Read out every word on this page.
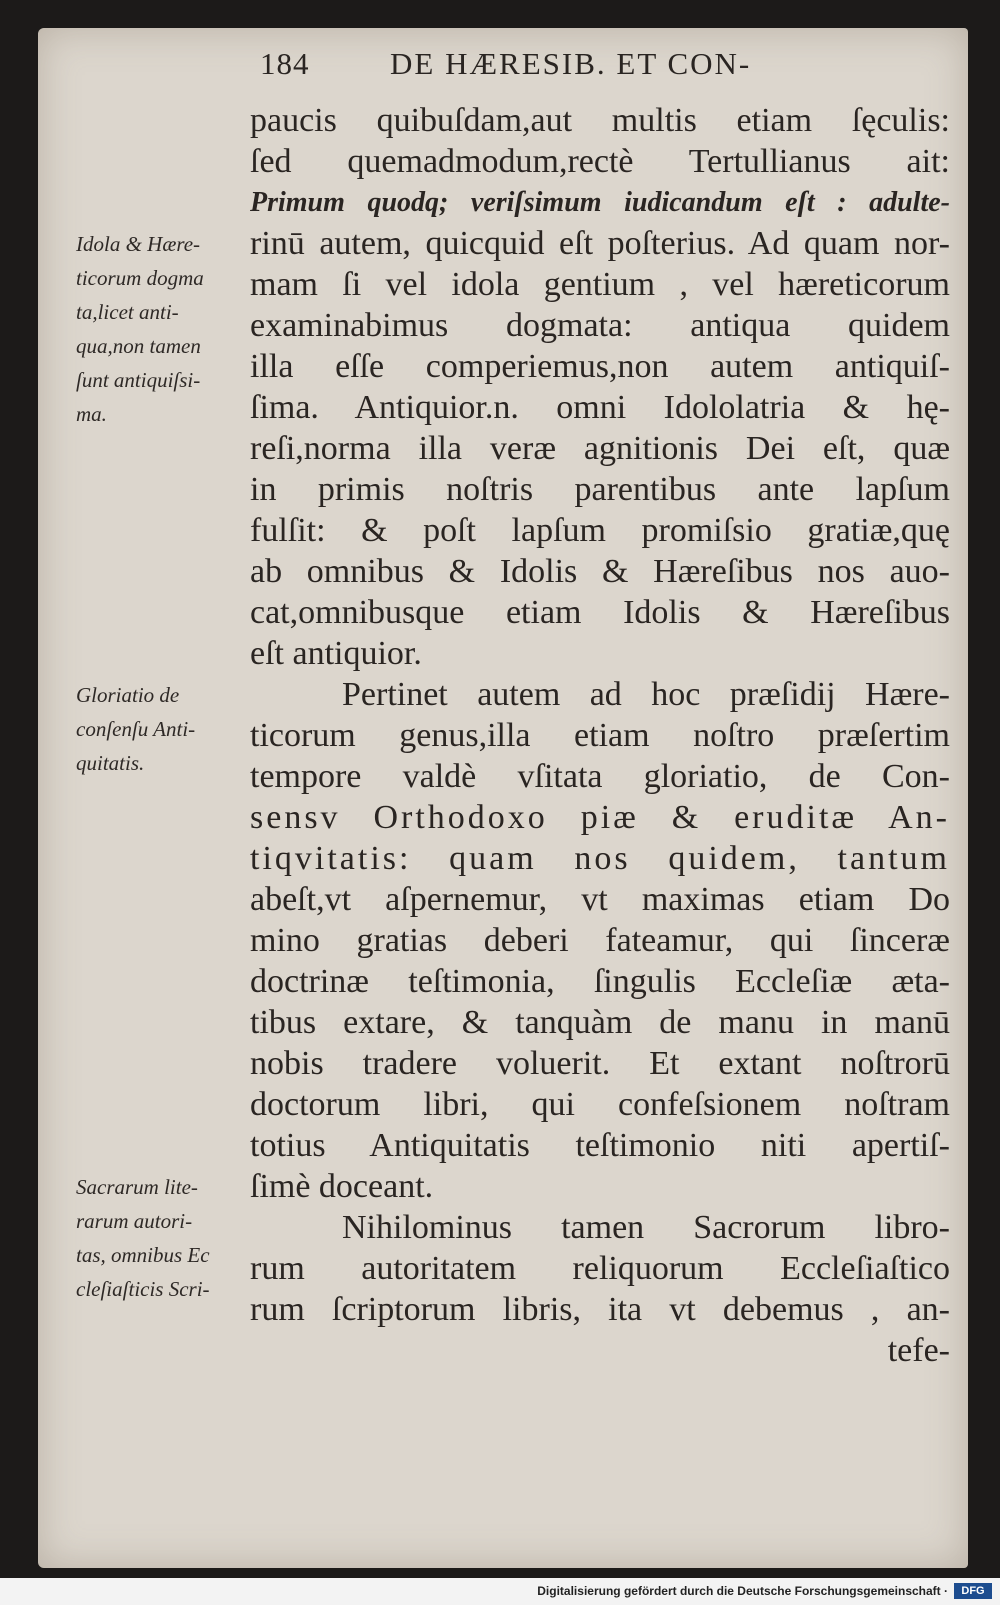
184	DE HÆRESIB. ET CON-
paucis quibuſdam,aut multis etiam ſęculis:
ſed quemadmodum,rectè Tertullianus ait:
Primum quodq; veriſsimum iudicandum eſt : adulte-
rinū autem, quicquid eſt poſterius. Ad quam nor-
mam ſi vel idola gentium , vel hæreticorum
examinabimus dogmata: antiqua quidem
illa eſſe comperiemus,non autem antiquiſ-
ſima. Antiquior.n. omni Idololatria & hę-
reſi,norma illa veræ agnitionis Dei eſt, quæ
in primis noſtris parentibus ante lapſum
fulſit: & poſt lapſum promiſsio gratiæ,quę
ab omnibus & Idolis & Hæreſibus nos auo-
cat,omnibusque etiam Idolis & Hæreſibus
eſt antiquior.
Pertinet autem ad hoc præſidij Hære-
ticorum genus,illa etiam noſtro præſertim
tempore valdè vſitata gloriatio, de Con-
sensv Orthodoxo piæ & eruditæ An-
tiqvitatis: quam nos quidem, tantum
abeſt,vt aſpernemur, vt maximas etiam Do
mino gratias deberi fateamur, qui ſinceræ
doctrinæ teſtimonia, ſingulis Eccleſiæ æta-
tibus extare, & tanquàm de manu in manū
nobis tradere voluerit. Et extant noſtrorū
doctorum libri, qui confeſsionem noſtram
totius Antiquitatis teſtimonio niti apertiſ-
ſimè doceant.
Nihilominus tamen Sacrorum libro-
rum autoritatem reliquorum Eccleſiaſtico
rum ſcriptorum libris, ita vt debemus , an-
tefe-
Idola & Hære-
ticorum dogma
ta,licet anti-
qua,non tamen
ſunt antiquiſsi-
ma.
Gloriatio de
conſenſu Anti-
quitatis.
Sacrarum lite-
rarum autori-
tas, omnibus Ec
cleſiaſticis Scri-
Digitalisierung gefördert durch die Deutsche Forschungsgemeinschaft ·	DFG
